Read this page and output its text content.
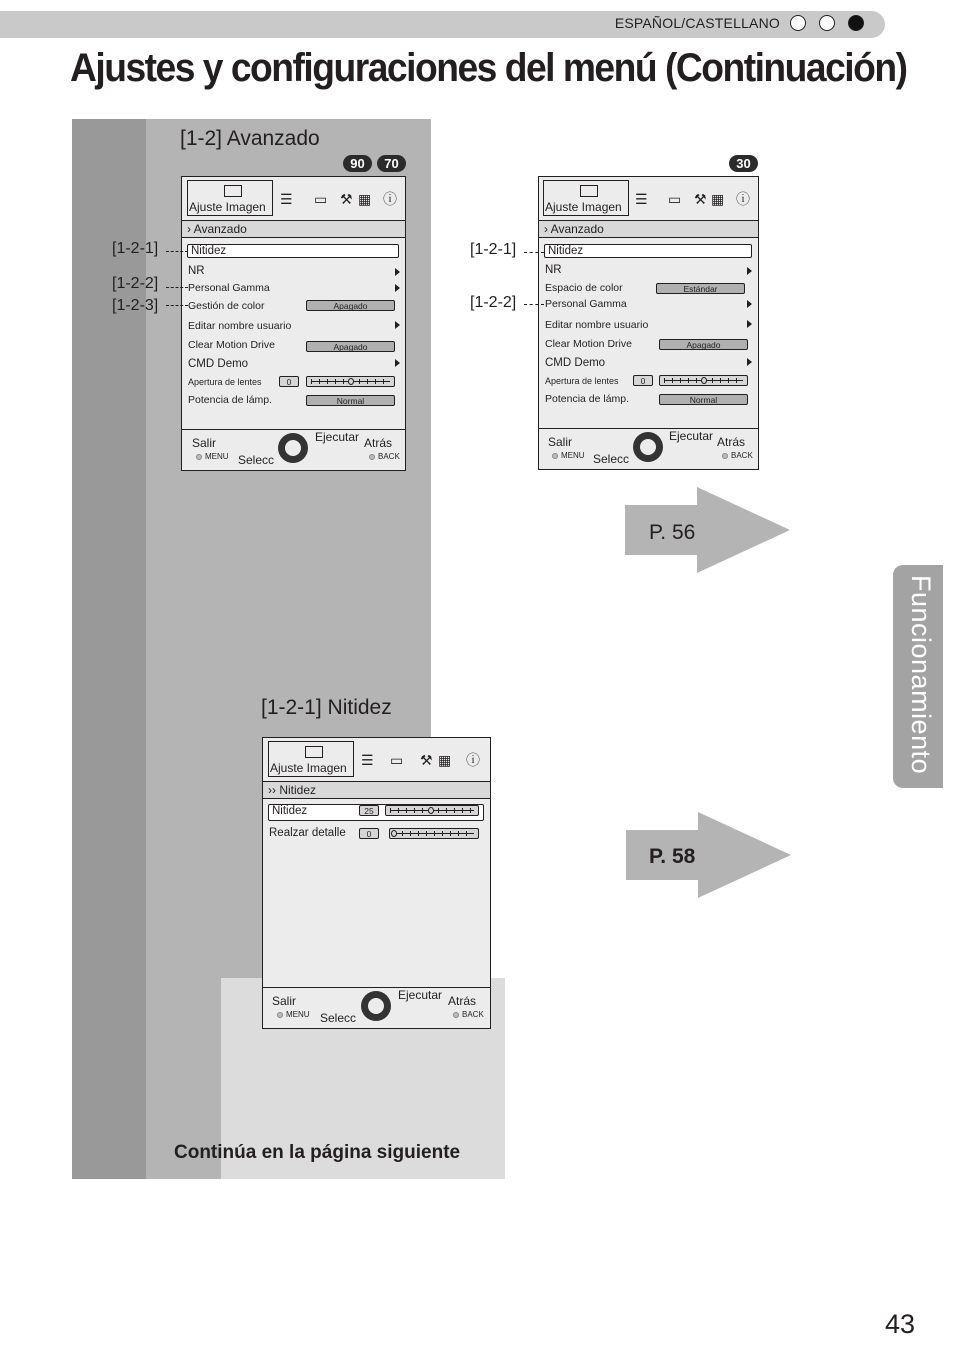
ESPAÑOL/CASTELLANO
Ajustes y configuraciones del menú (Continuación)
[1-2] Avanzado
90	70	30
Ajuste Imagen ☰ ▭ ⚒ ▦ ⓘ
› Avanzado
Nitidez
NR
Personal Gamma
Gestión de color	Apagado
Editar nombre usuario
Clear Motion Drive	Apagado
CMD Demo
Apertura de lentes	0
Potencia de lámp.	Normal
Salir
MENU Selecc
Ejecutar Atrás
BACK
[1-2-1]
[1-2-2]
[1-2-3]
Ajuste Imagen ☰ ▭ ⚒ ▦ ⓘ
› Avanzado
Nitidez
NR
Espacio de color	Estándar
Personal Gamma
Editar nombre usuario
Clear Motion Drive	Apagado
CMD Demo
Apertura de lentes	0
Potencia de lámp.	Normal
Salir
MENU Selecc
Ejecutar Atrás
BACK
[1-2-1]
[1-2-2]
P. 56
P. 58
Funcionamiento
[1-2-1] Nitidez
Ajuste Imagen ☰ ▭ ⚒ ▦ ⓘ
›› Nitidez
Nitidez	25
Realzar detalle	0
Salir
MENU Selecc
Ejecutar Atrás
BACK
Continúa en la página siguiente
43
